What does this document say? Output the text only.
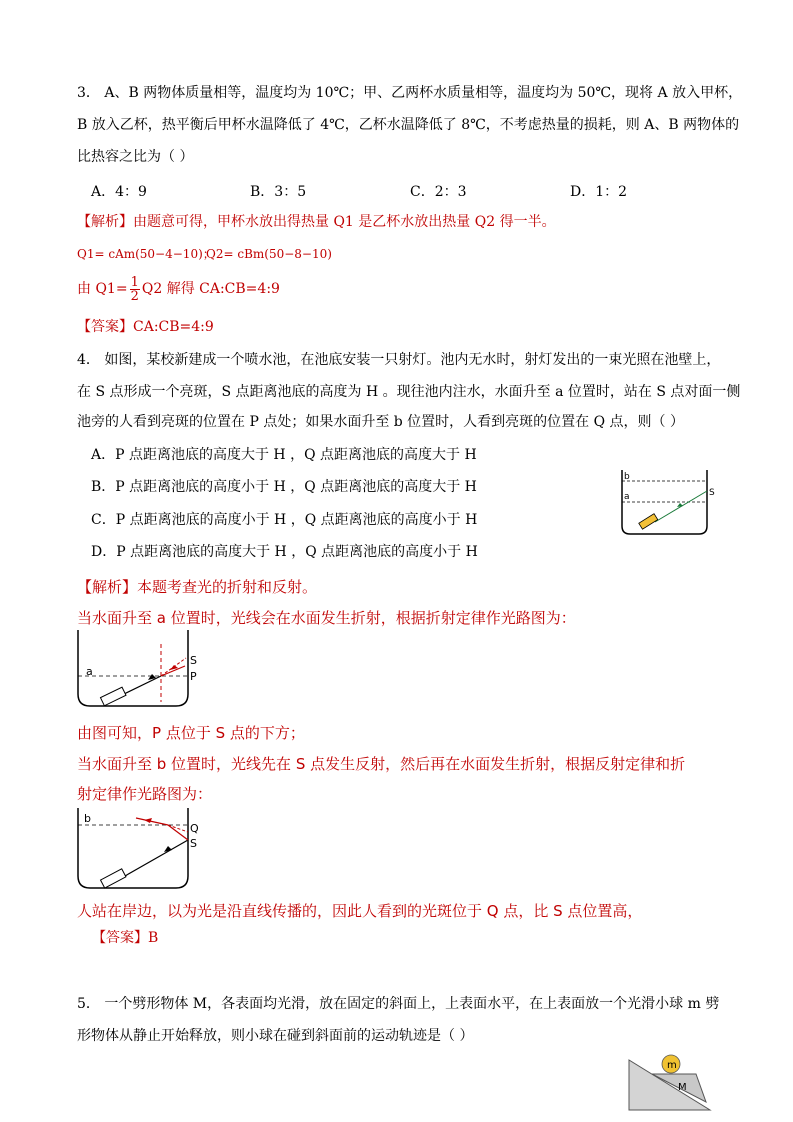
3． A、B 两物体质量相等，温度均为 10℃；甲、乙两杯水质量相等，温度均为 50℃，现将 A 放入甲杯，
B 放入乙杯，热平衡后甲杯水温降低了 4℃，乙杯水温降低了 8℃，不考虑热量的损耗，则 A、B 两物体的
比热容之比为（ ）
A．4：9	B．3：5	C．2：3	D．1：2
【解析】由题意可得，甲杯水放出得热量 Q1 是乙杯水放出热量 Q2 得一半。
Q1= cAm(50−4−10)；
Q2= cBm(50−8−10)
由 $Q1= \frac{1}{2} Q2$ 解得 CA:CB=4:9
【答案】CA:CB=4:9
4． 如图，某校新建成一个喷水池，在池底安装一只射灯。池内无水时，射灯发出的一束光照在池壁上，
在 S 点形成一个亮斑，S 点距离池底的高度为 H 。现往池内注水，水面升至 a 位置时，站在 S 点对面一侧
池旁的人看到亮斑的位置在 P 点处；如果水面升至 b 位置时，人看到亮斑的位置在 Q 点，则（ ）
A．P 点距离池底的高度大于 H ，Q 点距离池底的高度大于 H
B．P 点距离池底的高度小于 H ，Q 点距离池底的高度大于 H
C．P 点距离池底的高度小于 H ，Q 点距离池底的高度小于 H
D．P 点距离池底的高度大于 H ，Q 点距离池底的高度小于 H
b
a	S
【解析】本题考查光的折射和反射。
当水面升至 a 位置时，光线会在水面发生折射，根据折射定律作光路图为：
a
S
P
由图可知，P 点位于 S 点的下方；
当水面升至 b 位置时，光线先在 S 点发生反射，然后再在水面发生折射，根据反射定律和折
射定律作光路图为：
b
Q
S
人站在岸边，以为光是沿直线传播的，因此人看到的光斑位于 Q 点，比 S 点位置高，
【答案】B
5． 一个劈形物体 M，各表面均光滑，放在固定的斜面上，上表面水平，在上表面放一个光滑小球 m 劈
形物体从静止开始释放，则小球在碰到斜面前的运动轨迹是（ ）
m
M
